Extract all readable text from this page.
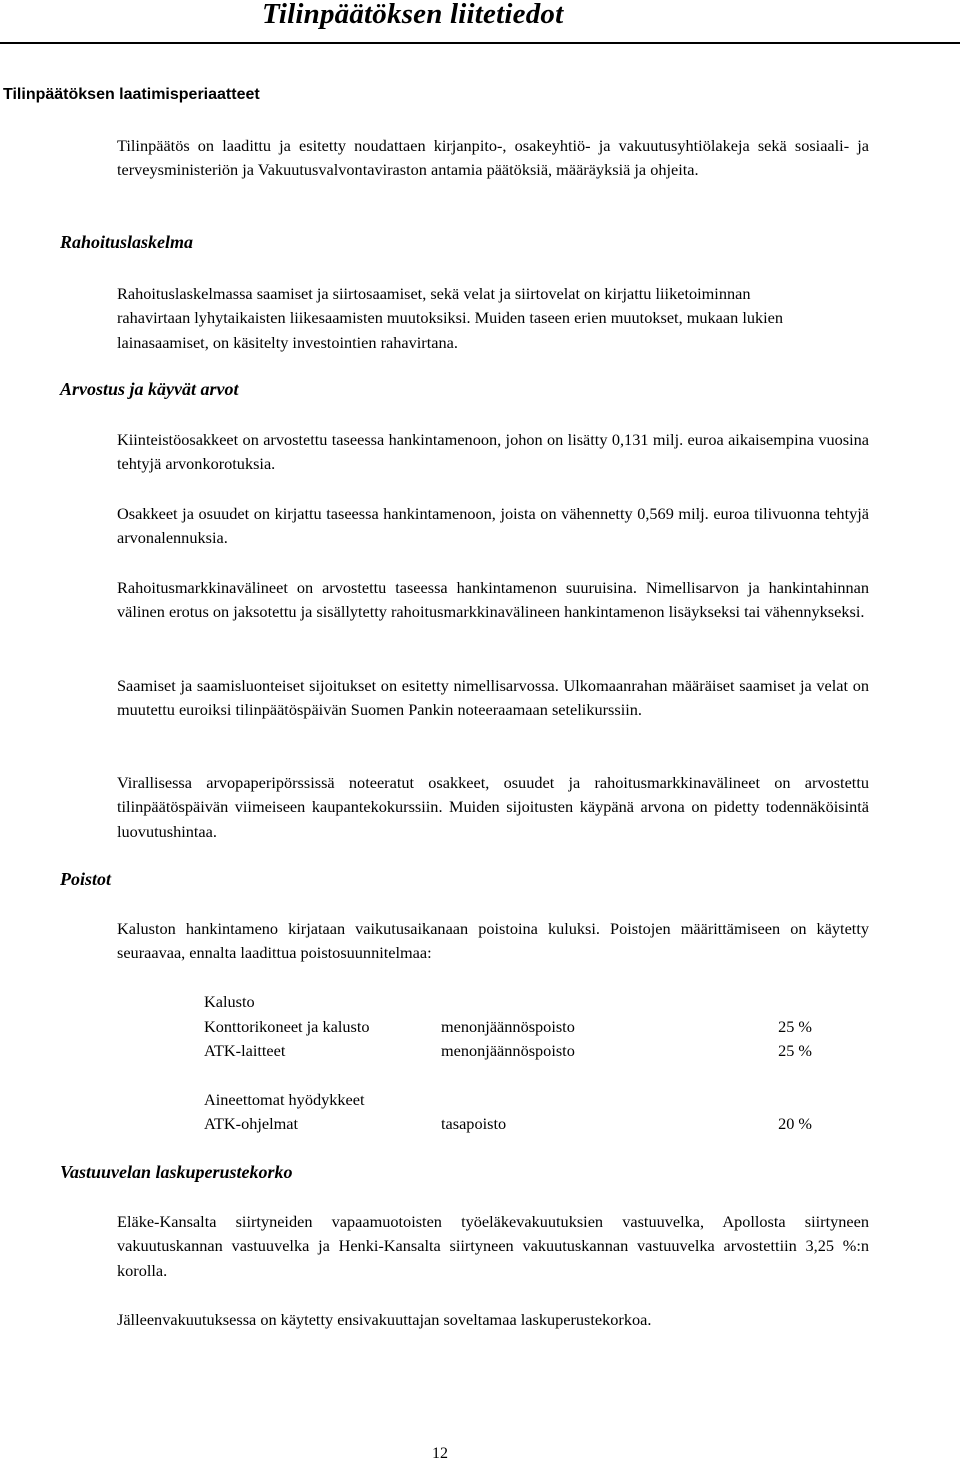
Tilinpäätöksen liitetiedot
Tilinpäätöksen laatimisperiaatteet
Tilinpäätös on laadittu ja esitetty noudattaen kirjanpito-, osakeyhtiö- ja vakuutusyhtiölakeja sekä sosiaali- ja terveysministeriön ja Vakuutusvalvontaviraston antamia päätöksiä, määräyksiä ja ohjeita.
Rahoituslaskelma
Rahoituslaskelmassa saamiset ja siirtosaamiset, sekä velat ja siirtovelat on kirjattu liiketoiminnan rahavirtaan lyhytaikaisten liikesaamisten muutoksiksi. Muiden taseen erien muutokset, mukaan lukien lainasaamiset, on käsitelty investointien rahavirtana.
Arvostus ja käyvät arvot
Kiinteistöosakkeet on arvostettu taseessa hankintamenoon, johon on lisätty 0,131 milj. euroa aikaisempina vuosina tehtyjä arvonkorotuksia.
Osakkeet ja osuudet on kirjattu taseessa hankintamenoon, joista on vähennetty 0,569 milj. euroa tilivuonna tehtyjä arvonalennuksia.
Rahoitusmarkkinavälineet on arvostettu taseessa hankintamenon suuruisina. Nimellisarvon ja hankintahinnan välinen erotus on jaksotettu ja sisällytetty rahoitusmarkkinavälineen hankintamenon lisäykseksi tai vähennykseksi.
Saamiset ja saamisluonteiset sijoitukset on esitetty nimellisarvossa. Ulkomaanrahan määräiset saamiset ja velat on muutettu euroiksi tilinpäätöspäivän Suomen Pankin noteeraamaan setelikurssiin.
Virallisessa arvopaperipörssissä noteeratut osakkeet, osuudet ja rahoitusmarkkinavälineet on arvostettu tilinpäätöspäivän viimeiseen kaupantekokurssiin. Muiden sijoitusten käypänä arvona on pidetty todennäköisintä luovutushintaa.
Poistot
Kaluston hankintameno kirjataan vaikutusaikanaan poistoina kuluksi. Poistojen määrittämiseen on käytetty seuraavaa, ennalta laadittua poistosuunnitelmaa:
Kalusto
Konttorikoneet ja kalusto	menonjäännöspoisto	25 %
ATK-laitteet	menonjäännöspoisto	25 %
Aineettomat hyödykkeet
ATK-ohjelmat	tasapoisto	20 %
Vastuuvelan laskuperustekorko
Eläke-Kansalta siirtyneiden vapaamuotoisten työeläkevakuutuksien vastuuvelka, Apollosta siirtyneen vakuutuskannan vastuuvelka ja Henki-Kansalta siirtyneen vakuutuskannan vastuuvelka arvostettiin 3,25 %:n korolla.
Jälleenvakuutuksessa on käytetty ensivakuuttajan soveltamaa laskuperustekorkoa.
12
